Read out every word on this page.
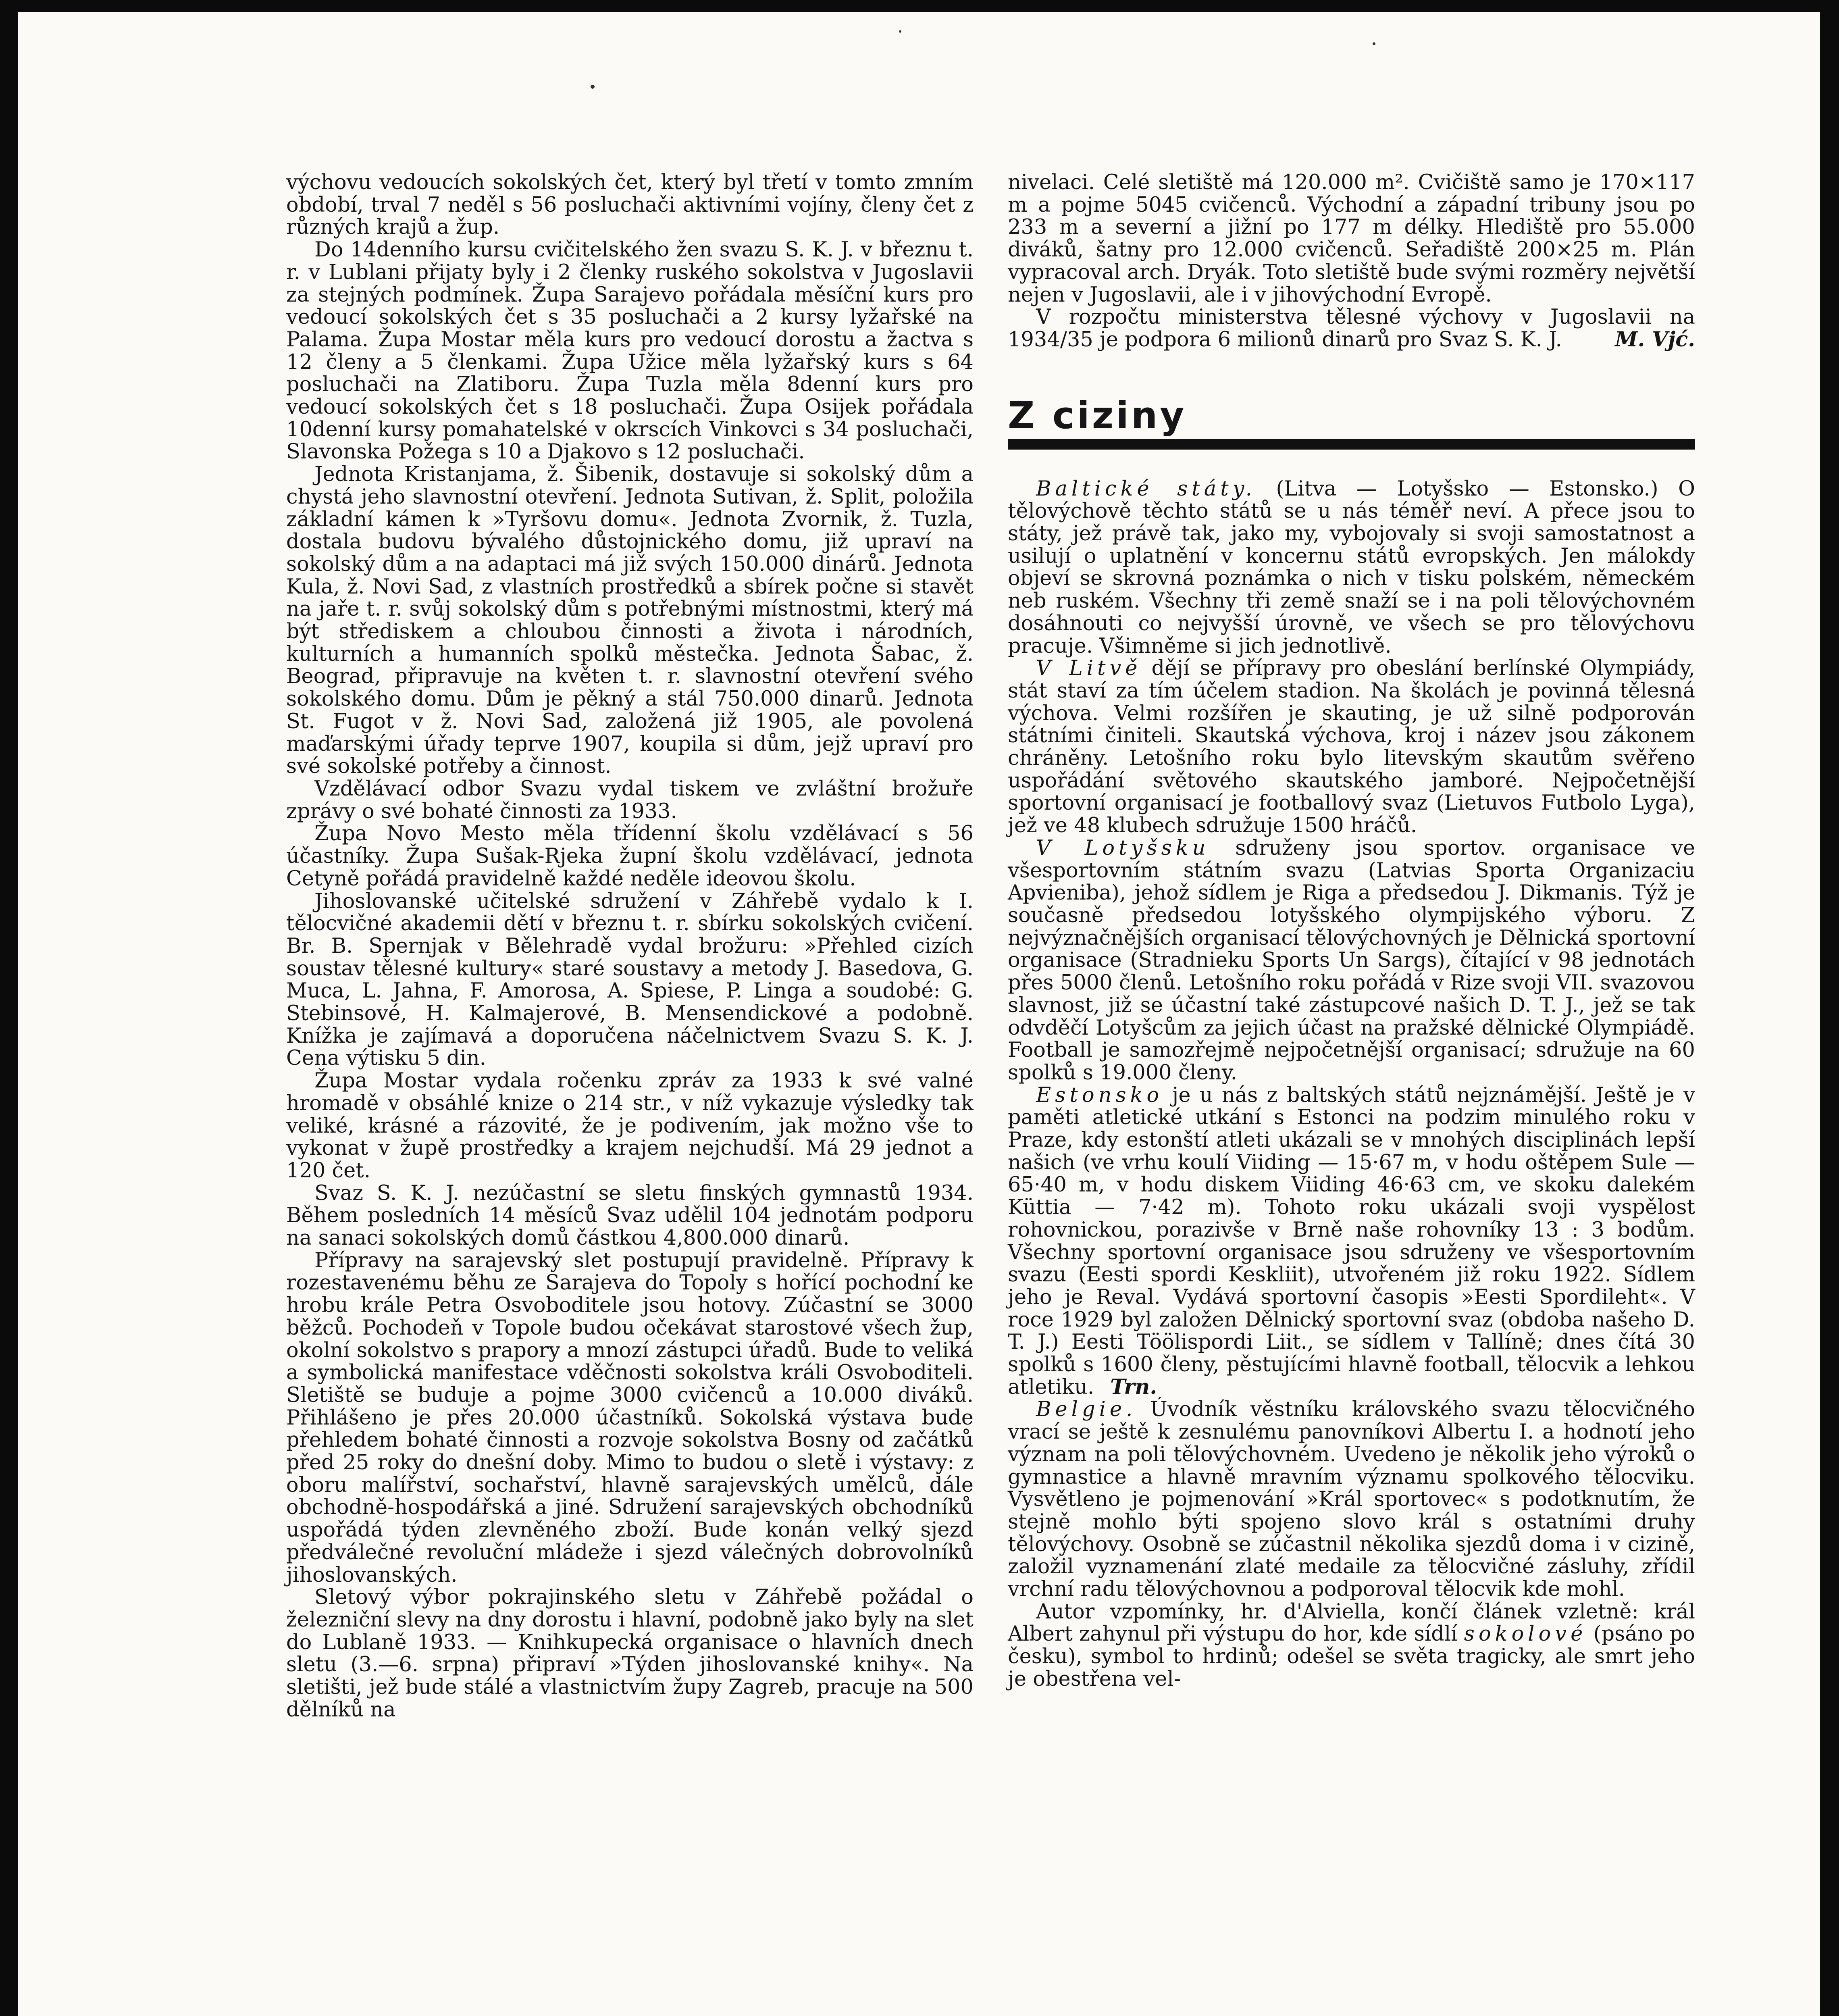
výchovu vedoucích sokolských čet, který byl třetí v tomto zmním období, trval 7 neděl s 56 posluchači aktivními vojíny, členy čet z různých krajů a žup.

Do 14denního kursu cvičitelského žen svazu S. K. J. v březnu t. r. v Lublani přijaty byly i 2 členky ruského sokolstva v Jugoslavii za stejných podmínek. Župa Sarajevo pořádala měsíční kurs pro vedoucí sokolských čet s 35 posluchači a 2 kursy lyžařské na Palama. Župa Mostar měla kurs pro vedoucí dorostu a žactva s 12 členy a 5 členkami. Župa Užice měla lyžařský kurs s 64 posluchači na Zlatiboru. Župa Tuzla měla 8denní kurs pro vedoucí sokolských čet s 18 posluchači. Župa Osijek pořádala 10denní kursy pomahatelské v okrscích Vinkovci s 34 posluchači, Slavonska Požega s 10 a Djakovo s 12 posluchači.

Jednota Kristanjama, ž. Šibenik, dostavuje si sokolský dům a chystá jeho slavnostní otevření. Jednota Sutivan, ž. Split, položila základní kámen k »Tyršovu domu«. Jednota Zvornik, ž. Tuzla, dostala budovu bývalého důstojnického domu, již upraví na sokolský dům a na adaptaci má již svých 150.000 dinárů. Jednota Kula, ž. Novi Sad, z vlastních prostředků a sbírek počne si stavět na jaře t. r. svůj sokolský dům s potřebnými místnostmi, který má být střediskem a chloubou činnosti a života i národních, kulturních a humanních spolků městečka. Jednota Šabac, ž. Beograd, připravuje na květen t. r. slavnostní otevření svého sokolského domu. Dům je pěkný a stál 750.000 dinarů. Jednota St. Fugot v ž. Novi Sad, založená již 1905, ale povolená maďarskými úřady teprve 1907, koupila si dům, jejž upraví pro své sokolské potřeby a činnost.

Vzdělávací odbor Svazu vydal tiskem ve zvláštní brožuře zprávy o své bohaté činnosti za 1933.

Župa Novo Mesto měla třídenní školu vzdělávací s 56 účastníky. Župa Sušak-Rjeka župní školu vzdělávací, jednota Cetyně pořádá pravidelně každé neděle ideovou školu.

Jihoslovanské učitelské sdružení v Záhřebě vydalo k I. tělocvičné akademii dětí v březnu t. r. sbírku sokolských cvičení. Br. B. Spernjak v Bělehradě vydal brožuru: »Přehled cizích soustav tělesné kultury« staré soustavy a metody J. Basedova, G. Muca, L. Jahna, F. Amorosa, A. Spiese, P. Linga a soudobé: G. Stebinsové, H. Kalmajerové, B. Mensendickové a podobně. Knížka je zajímavá a doporučena náčelnictvem Svazu S. K. J. Cena výtisku 5 din.

Župa Mostar vydala ročenku zpráv za 1933 k své valné hromadě v obsáhlé knize o 214 str., v níž vykazuje výsledky tak veliké, krásné a rázovité, že je podivením, jak možno vše to vykonat v župě prostředky a krajem nejchudší. Má 29 jednot a 120 čet.

Svaz S. K. J. nezúčastní se sletu finských gymnastů 1934. Během posledních 14 měsíců Svaz udělil 104 jednotám podporu na sanaci sokolských domů částkou 4,800.000 dinarů.

Přípravy na sarajevský slet postupují pravidelně. Přípravy k rozestavenému běhu ze Sarajeva do Topoly s hořící pochodní ke hrobu krále Petra Osvoboditele jsou hotovy. Zúčastní se 3000 běžců. Pochodeň v Topole budou očekávat starostové všech žup, okolní sokolstvo s prapory a mnozí zástupci úřadů. Bude to veliká a symbolická manifestace vděčnosti sokolstva králi Osvoboditeli. Sletiště se buduje a pojme 3000 cvičenců a 10.000 diváků. Přihlášeno je přes 20.000 účastníků. Sokolská výstava bude přehledem bohaté činnosti a rozvoje sokolstva Bosny od začátků před 25 roky do dnešní doby. Mimo to budou o sletě i výstavy: z oboru malířství, sochařství, hlavně sarajevských umělců, dále obchodně-hospodářská a jiné. Sdružení sarajevských obchodníků uspořádá týden zlevněného zboží. Bude konán velký sjezd předválečné revoluční mládeže i sjezd válečných dobrovolníků jihoslovanských.

Sletový výbor pokrajinského sletu v Záhřebě požádal o železniční slevy na dny dorostu i hlavní, podobně jako byly na slet do Lublaně 1933. — Knihkupecká organisace o hlavních dnech sletu (3.—6. srpna) připraví »Týden jihoslovanské knihy«. Na sletišti, jež bude stálé a vlastnictvím župy Zagreb, pracuje na 500 dělníků na

nivelaci. Celé sletiště má 120.000 m². Cvičiště samo je 170×117 m a pojme 5045 cvičenců. Východní a západní tribuny jsou po 233 m a severní a jižní po 177 m délky. Hlediště pro 55.000 diváků, šatny pro 12.000 cvičenců. Seřadiště 200×25 m. Plán vypracoval arch. Dryák. Toto sletiště bude svými rozměry největší nejen v Jugoslavii, ale i v jihovýchodní Evropě.

V rozpočtu ministerstva tělesné výchovy v Jugoslavii na 1934/35 je podpora 6 milionů dinarů pro Svaz S. K. J.	M. Vjć.

Z ciziny

Baltické státy. (Litva — Lotyšsko — Estonsko.) O tělovýchově těchto států se u nás téměř neví. A přece jsou to státy, jež právě tak, jako my, vybojovaly si svoji samostatnost a usilují o uplatnění v koncernu států evropských. Jen málokdy objeví se skrovná poznámka o nich v tisku polském, německém neb ruském. Všechny tři země snaží se i na poli tělovýchovném dosáhnouti co nejvyšší úrovně, ve všech se pro tělovýchovu pracuje. Všimněme si jich jednotlivě.

V Litvě dějí se přípravy pro obeslání berlínské Olympiády, stát staví za tím účelem stadion. Na školách je povinná tělesná výchova. Velmi rozšířen je skauting, je už silně podporován státními činiteli. Skautská výchova, kroj i název jsou zákonem chráněny. Letošního roku bylo litevským skautům svěřeno uspořádání světového skautského jamboré. Nejpočetnější sportovní organisací je footballový svaz (Lietuvos Futbolo Lyga), jež ve 48 klubech sdružuje 1500 hráčů.

V Lotyšsku sdruženy jsou sportov. organisace ve všesportovním státním svazu (Latvias Sporta Organizaciu Apvieniba), jehož sídlem je Riga a předsedou J. Dikmanis. Týž je současně předsedou lotyšského olympijského výboru. Z nejvýznačnějších organisací tělovýchovných je Dělnická sportovní organisace (Stradnieku Sports Un Sargs), čítající v 98 jednotách přes 5000 členů. Letošního roku pořádá v Rize svoji VII. svazovou slavnost, již se účastní také zástupcové našich D. T. J., jež se tak odvděčí Lotyšcům za jejich účast na pražské dělnické Olympiádě. Football je samozřejmě nejpočetnější organisací; sdružuje na 60 spolků s 19.000 členy.

Estonsko je u nás z baltských států nejznámější. Ještě je v paměti atletické utkání s Estonci na podzim minulého roku v Praze, kdy estonští atleti ukázali se v mnohých disciplinách lepší našich (ve vrhu koulí Viiding — 15·67 m, v hodu oštěpem Sule — 65·40 m, v hodu diskem Viiding 46·63 cm, ve skoku dalekém Küttia — 7·42 m). Tohoto roku ukázali svoji vyspělost rohovnickou, porazivše v Brně naše rohovníky 13 : 3 bodům. Všechny sportovní organisace jsou sdruženy ve všesportovním svazu (Eesti spordi Keskliit), utvořeném již roku 1922. Sídlem jeho je Reval. Vydává sportovní časopis »Eesti Spordileht«. V roce 1929 byl založen Dělnický sportovní svaz (obdoba našeho D. T. J.) Eesti Töölispordi Liit., se sídlem v Tallíně; dnes čítá 30 spolků s 1600 členy, pěstujícími hlavně football, tělocvik a lehkou atletiku. Trn.

Belgie. Úvodník věstníku královského svazu tělocvičného vrací se ještě k zesnulému panovníkovi Albertu I. a hodnotí jeho význam na poli tělovýchovném. Uvedeno je několik jeho výroků o gymnastice a hlavně mravním významu spolkového tělocviku. Vysvětleno je pojmenování »Král sportovec« s podotknutím, že stejně mohlo býti spojeno slovo král s ostatními druhy tělovýchovy. Osobně se zúčastnil několika sjezdů doma i v cizině, založil vyznamenání zlaté medaile za tělocvičné zásluhy, zřídil vrchní radu tělovýchovnou a podporoval tělocvik kde mohl.

Autor vzpomínky, hr. d'Alviella, končí článek vzletně: král Albert zahynul při výstupu do hor, kde sídlí sokolové (psáno po česku), symbol to hrdinů; odešel se světa tragicky, ale smrt jeho je obestřena vel-
